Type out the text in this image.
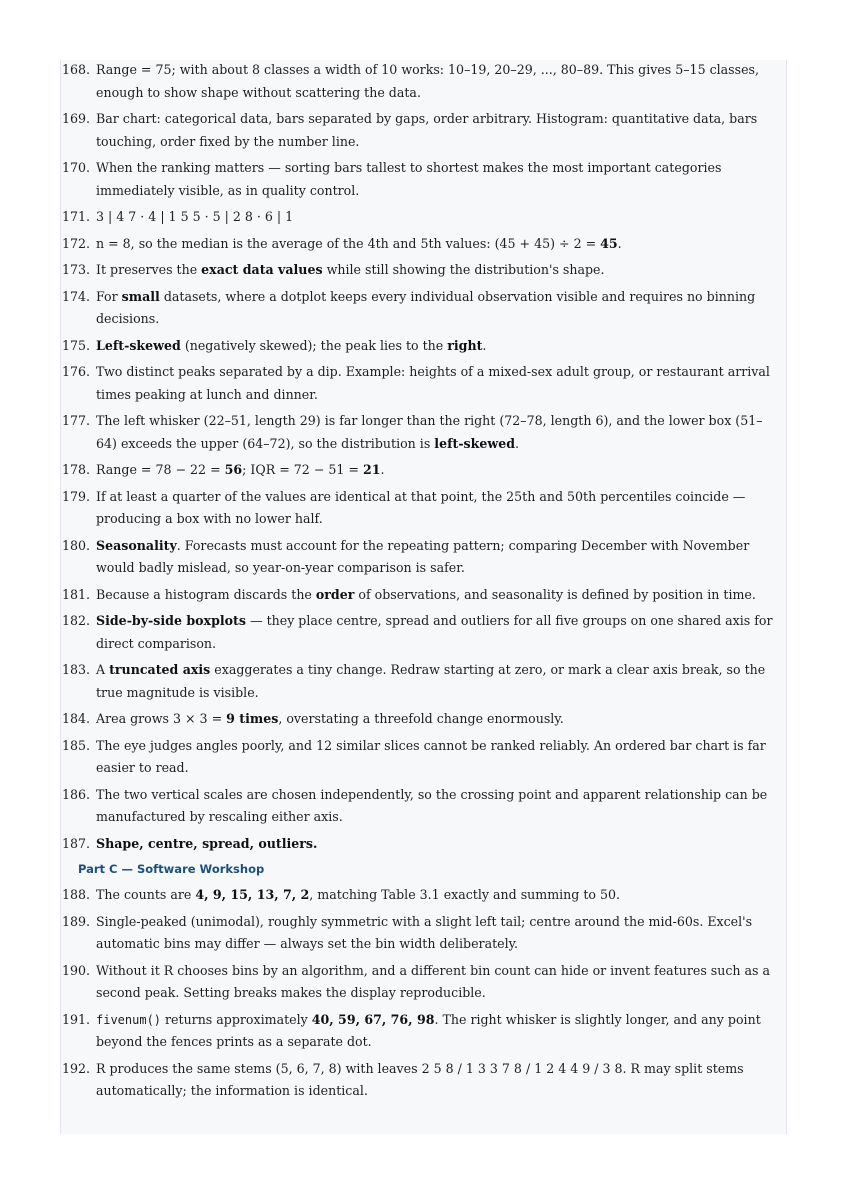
168. Range = 75; with about 8 classes a width of 10 works: 10–19, 20–29, ..., 80–89. This gives 5–15 classes, enough to show shape without scattering the data.
169. Bar chart: categorical data, bars separated by gaps, order arbitrary. Histogram: quantitative data, bars touching, order fixed by the number line.
170. When the ranking matters — sorting bars tallest to shortest makes the most important categories immediately visible, as in quality control.
171. 3 | 4 7 · 4 | 1 5 5 · 5 | 2 8 · 6 | 1
172. n = 8, so the median is the average of the 4th and 5th values: (45 + 45) ÷ 2 = 45.
173. It preserves the exact data values while still showing the distribution's shape.
174. For small datasets, where a dotplot keeps every individual observation visible and requires no binning decisions.
175. Left-skewed (negatively skewed); the peak lies to the right.
176. Two distinct peaks separated by a dip. Example: heights of a mixed-sex adult group, or restaurant arrival times peaking at lunch and dinner.
177. The left whisker (22–51, length 29) is far longer than the right (72–78, length 6), and the lower box (51–64) exceeds the upper (64–72), so the distribution is left-skewed.
178. Range = 78 − 22 = 56; IQR = 72 − 51 = 21.
179. If at least a quarter of the values are identical at that point, the 25th and 50th percentiles coincide — producing a box with no lower half.
180. Seasonality. Forecasts must account for the repeating pattern; comparing December with November would badly mislead, so year-on-year comparison is safer.
181. Because a histogram discards the order of observations, and seasonality is defined by position in time.
182. Side-by-side boxplots — they place centre, spread and outliers for all five groups on one shared axis for direct comparison.
183. A truncated axis exaggerates a tiny change. Redraw starting at zero, or mark a clear axis break, so the true magnitude is visible.
184. Area grows 3 × 3 = 9 times, overstating a threefold change enormously.
185. The eye judges angles poorly, and 12 similar slices cannot be ranked reliably. An ordered bar chart is far easier to read.
186. The two vertical scales are chosen independently, so the crossing point and apparent relationship can be manufactured by rescaling either axis.
187. Shape, centre, spread, outliers.
Part C — Software Workshop
188. The counts are 4, 9, 15, 13, 7, 2, matching Table 3.1 exactly and summing to 50.
189. Single-peaked (unimodal), roughly symmetric with a slight left tail; centre around the mid-60s. Excel's automatic bins may differ — always set the bin width deliberately.
190. Without it R chooses bins by an algorithm, and a different bin count can hide or invent features such as a second peak. Setting breaks makes the display reproducible.
191. fivenum() returns approximately 40, 59, 67, 76, 98. The right whisker is slightly longer, and any point beyond the fences prints as a separate dot.
192. R produces the same stems (5, 6, 7, 8) with leaves 2 5 8 / 1 3 3 7 8 / 1 2 4 4 9 / 3 8. R may split stems automatically; the information is identical.
